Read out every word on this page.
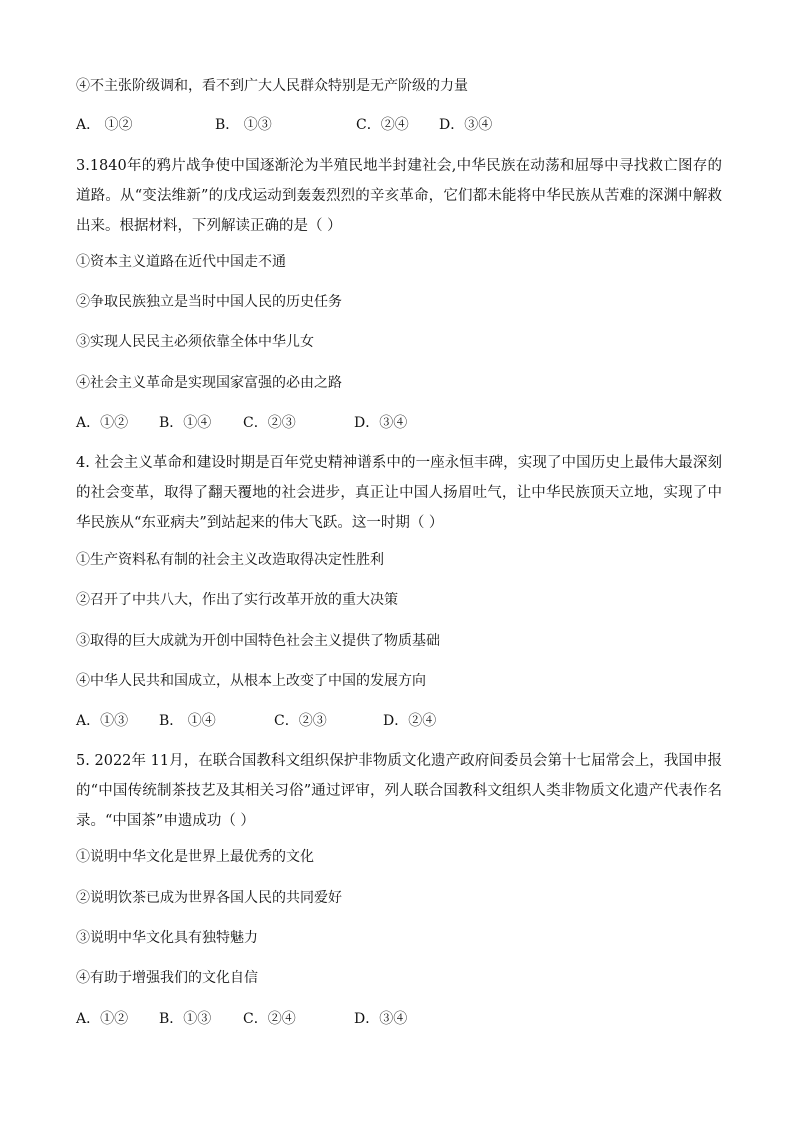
④不主张阶级调和，看不到广大人民群众特别是无产阶级的力量
A． ①②	B． ①③	C．②④ D．③④
3.1840年的鸦片战争使中国逐渐沦为半殖民地半封建社会,中华民族在动荡和屈辱中寻找救亡图存的道路。从“变法维新”的戊戌运动到轰轰烈烈的辛亥革命，它们都未能将中华民族从苦难的深渊中解救出来。根据材料，下列解读正确的是（ ）
①资本主义道路在近代中国走不通
②争取民族独立是当时中国人民的历史任务
③实现人民民主必须依靠全体中华儿女
④社会主义革命是实现国家富强的必由之路
A．①② B．①④ C．②③	D．③④
4. 社会主义革命和建设时期是百年党史精神谱系中的一座永恒丰碑，实现了中国历史上最伟大最深刻的社会变革，取得了翻天覆地的社会进步，真正让中国人扬眉吐气，让中华民族顶天立地，实现了中华民族从“东亚病夫”到站起来的伟大飞跃。这一时期（ ）
①生产资料私有制的社会主义改造取得决定性胜利
②召开了中共八大，作出了实行改革开放的重大决策
③取得的巨大成就为开创中国特色社会主义提供了物质基础
④中华人民共和国成立，从根本上改变了中国的发展方向
A．①③ B． ①④	C．②③	D．②④
5. 2022年 11月，在联合国教科文组织保护非物质文化遗产政府间委员会第十七届常会上，我国申报的“中国传统制茶技艺及其相关习俗”通过评审，列人联合国教科文组织人类非物质文化遗产代表作名录。“中国茶”申遗成功（ ）
①说明中华文化是世界上最优秀的文化
②说明饮茶已成为世界各国人民的共同爱好
③说明中华文化具有独特魅力
④有助于增强我们的文化自信
A．①② B．①③ C．②④	D．③④
